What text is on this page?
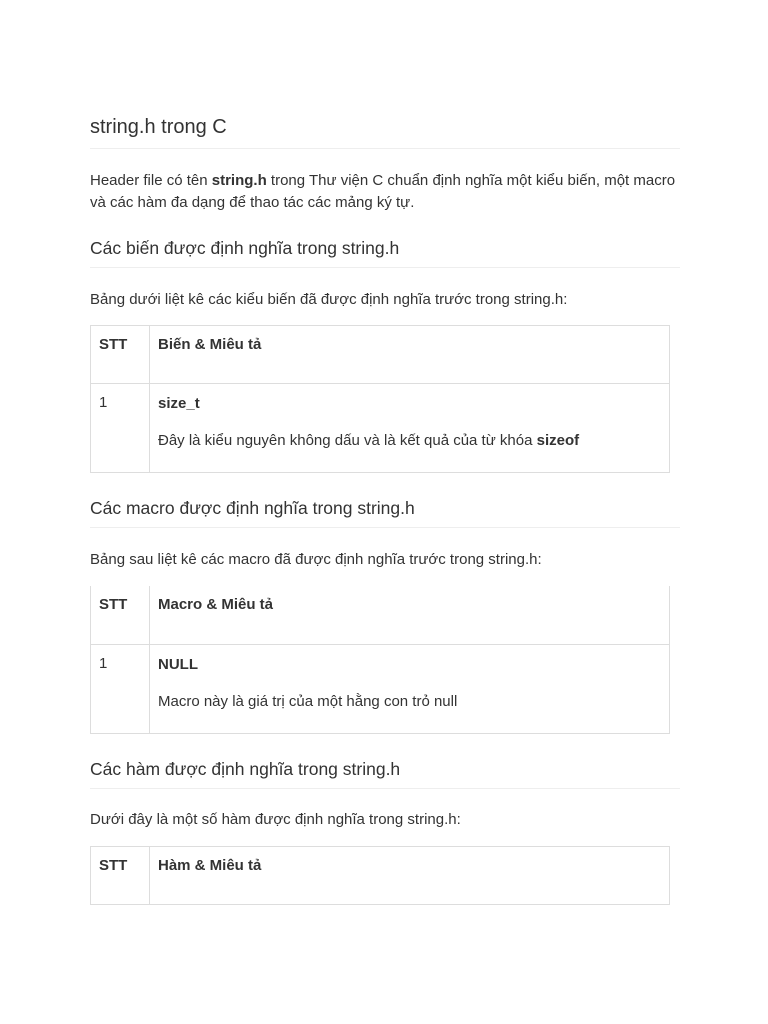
string.h trong C

Header file có tên string.h trong Thư viện C chuẩn định nghĩa một kiểu biến, một macro và các hàm đa dạng để thao tác các mảng ký tự.

Các biến được định nghĩa trong string.h

Bảng dưới liệt kê các kiểu biến đã được định nghĩa trước trong string.h:

STT	Biến & Miêu tả

1	size_t
Đây là kiểu nguyên không dấu và là kết quả của từ khóa sizeof
Các macro được định nghĩa trong string.h

Bảng sau liệt kê các macro đã được định nghĩa trước trong string.h:

STT	Macro & Miêu tả

1	NULL
Macro này là giá trị của một hằng con trỏ null
Các hàm được định nghĩa trong string.h

Dưới đây là một số hàm được định nghĩa trong string.h:

STT	Hàm & Miêu tả
